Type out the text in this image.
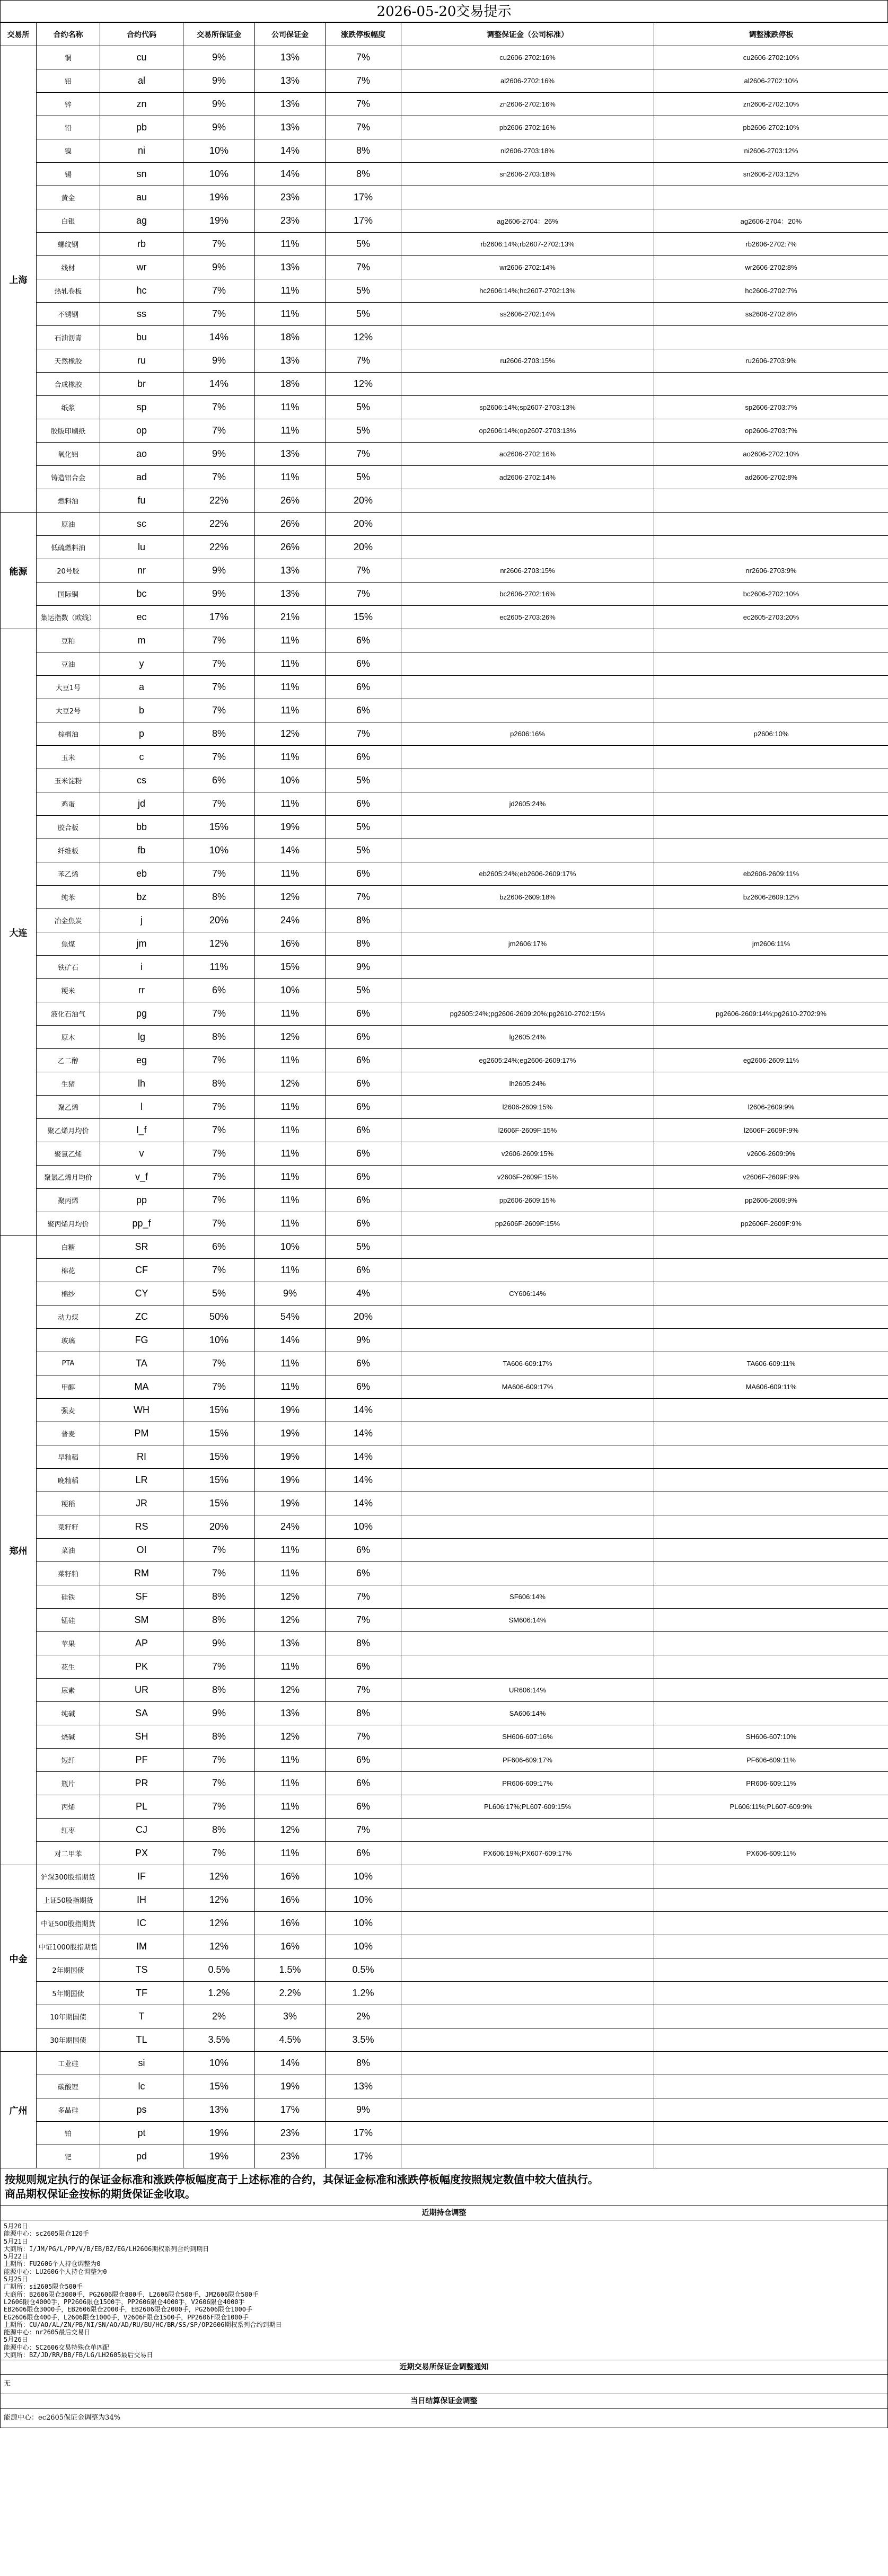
2026-05-20交易提示
交易所	合约名称	合约代码	交易所保证金	公司保证金	涨跌停板幅度	调整保证金（公司标准）	调整涨跌停板
上海	铜	cu	9%	13%	7%	cu2606-2702:16%	cu2606-2702:10%
	铝	al	9%	13%	7%	al2606-2702:16%	al2606-2702:10%
	锌	zn	9%	13%	7%	zn2606-2702:16%	zn2606-2702:10%
	铅	pb	9%	13%	7%	pb2606-2702:16%	pb2606-2702:10%
	镍	ni	10%	14%	8%	ni2606-2703:18%	ni2606-2703:12%
	锡	sn	10%	14%	8%	sn2606-2703:18%	sn2606-2703:12%
	黄金	au	19%	23%	17%		
	白银	ag	19%	23%	17%	ag2606-2704：26%	ag2606-2704：20%
	螺纹钢	rb	7%	11%	5%	rb2606:14%;rb2607-2702:13%	rb2606-2702:7%
	线材	wr	9%	13%	7%	wr2606-2702:14%	wr2606-2702:8%
	热轧卷板	hc	7%	11%	5%	hc2606:14%;hc2607-2702:13%	hc2606-2702:7%
	不锈钢	ss	7%	11%	5%	ss2606-2702:14%	ss2606-2702:8%
	石油沥青	bu	14%	18%	12%		
	天然橡胶	ru	9%	13%	7%	ru2606-2703:15%	ru2606-2703:9%
	合成橡胶	br	14%	18%	12%		
	纸浆	sp	7%	11%	5%	sp2606:14%;sp2607-2703:13%	sp2606-2703:7%
	胶版印刷纸	op	7%	11%	5%	op2606:14%;op2607-2703:13%	op2606-2703:7%
	氧化铝	ao	9%	13%	7%	ao2606-2702:16%	ao2606-2702:10%
	铸造铝合金	ad	7%	11%	5%	ad2606-2702:14%	ad2606-2702:8%
	燃料油	fu	22%	26%	20%		
能源	原油	sc	22%	26%	20%		
	低硫燃料油	lu	22%	26%	20%		
	20号胶	nr	9%	13%	7%	nr2606-2703:15%	nr2606-2703:9%
	国际铜	bc	9%	13%	7%	bc2606-2702:16%	bc2606-2702:10%
	集运指数（欧线）	ec	17%	21%	15%	ec2605-2703:26%	ec2605-2703:20%
大连	豆粕	m	7%	11%	6%		
	豆油	y	7%	11%	6%		
	大豆1号	a	7%	11%	6%		
	大豆2号	b	7%	11%	6%		
	棕榈油	p	8%	12%	7%	p2606:16%	p2606:10%
	玉米	c	7%	11%	6%		
	玉米淀粉	cs	6%	10%	5%		
	鸡蛋	jd	7%	11%	6%	jd2605:24%	
	胶合板	bb	15%	19%	5%		
	纤维板	fb	10%	14%	5%		
	苯乙烯	eb	7%	11%	6%	eb2605:24%;eb2606-2609:17%	eb2606-2609:11%
	纯苯	bz	8%	12%	7%	bz2606-2609:18%	bz2606-2609:12%
	冶金焦炭	j	20%	24%	8%		
	焦煤	jm	12%	16%	8%	jm2606:17%	jm2606:11%
	铁矿石	i	11%	15%	9%		
	粳米	rr	6%	10%	5%		
	液化石油气	pg	7%	11%	6%	pg2605:24%;pg2606-2609:20%;pg2610-2702:15%	pg2606-2609:14%;pg2610-2702:9%
	原木	lg	8%	12%	6%	lg2605:24%	
	乙二醇	eg	7%	11%	6%	eg2605:24%;eg2606-2609:17%	eg2606-2609:11%
	生猪	lh	8%	12%	6%	lh2605:24%	
	聚乙烯	l	7%	11%	6%	l2606-2609:15%	l2606-2609:9%
	聚乙烯月均价	l_f	7%	11%	6%	l2606F-2609F:15%	l2606F-2609F:9%
	聚氯乙烯	v	7%	11%	6%	v2606-2609:15%	v2606-2609:9%
	聚氯乙烯月均价	v_f	7%	11%	6%	v2606F-2609F:15%	v2606F-2609F:9%
	聚丙烯	pp	7%	11%	6%	pp2606-2609:15%	pp2606-2609:9%
	聚丙烯月均价	pp_f	7%	11%	6%	pp2606F-2609F:15%	pp2606F-2609F:9%
郑州	白糖	SR	6%	10%	5%		
	棉花	CF	7%	11%	6%		
	棉纱	CY	5%	9%	4%	CY606:14%	
	动力煤	ZC	50%	54%	20%		
	玻璃	FG	10%	14%	9%		
	PTA	TA	7%	11%	6%	TA606-609:17%	TA606-609:11%
	甲醇	MA	7%	11%	6%	MA606-609:17%	MA606-609:11%
	强麦	WH	15%	19%	14%		
	普麦	PM	15%	19%	14%		
	早籼稻	RI	15%	19%	14%		
	晚籼稻	LR	15%	19%	14%		
	粳稻	JR	15%	19%	14%		
	菜籽籽	RS	20%	24%	10%		
	菜油	OI	7%	11%	6%		
	菜籽粕	RM	7%	11%	6%		
	硅铁	SF	8%	12%	7%	SF606:14%	
	锰硅	SM	8%	12%	7%	SM606:14%	
	苹果	AP	9%	13%	8%		
	花生	PK	7%	11%	6%		
	尿素	UR	8%	12%	7%	UR606:14%	
	纯碱	SA	9%	13%	8%	SA606:14%	
	烧碱	SH	8%	12%	7%	SH606-607:16%	SH606-607:10%
	短纤	PF	7%	11%	6%	PF606-609:17%	PF606-609:11%
	瓶片	PR	7%	11%	6%	PR606-609:17%	PR606-609:11%
	丙烯	PL	7%	11%	6%	PL606:17%;PL607-609:15%	PL606:11%;PL607-609:9%
	红枣	CJ	8%	12%	7%		
	对二甲苯	PX	7%	11%	6%	PX606:19%;PX607-609:17%	PX606-609:11%
中金	沪深300股指期货	IF	12%	16%	10%		
	上证50股指期货	IH	12%	16%	10%		
	中证500股指期货	IC	12%	16%	10%		
	中证1000股指期货	IM	12%	16%	10%		
	2年期国债	TS	0.5%	1.5%	0.5%		
	5年期国债	TF	1.2%	2.2%	1.2%		
	10年期国债	T	2%	3%	2%		
	30年期国债	TL	3.5%	4.5%	3.5%		
广州	工业硅	si	10%	14%	8%		
	碳酸锂	lc	15%	19%	13%		
	多晶硅	ps	13%	17%	9%		
	铂	pt	19%	23%	17%		
	钯	pd	19%	23%	17%		
按规则规定执行的保证金标准和涨跌停板幅度高于上述标准的合约，其保证金标准和涨跌停板幅度按照规定数值中较大值执行。
商品期权保证金按标的期货保证金收取。
近期持仓调整
5月20日
能源中心：sc2605限仓120手
5月21日
大商所：I/JM/PG/L/PP/V/B/EB/BZ/EG/LH2606期权系列合约到期日
5月22日
上期所：FU2606个人持仓调整为0
能源中心：LU2606个人持仓调整为0
5月25日
广期所：si2605限仓500手
大商所：B2606限仓3000手，PG2606限仓800手，L2606限仓500手，JM2606限仓500手
L2606限仓4000手，PP2606限仓1500手，PP2606限仓4000手，V2606限仓4000手
EB2606限仓3000手，EB2606限仓2000手，EB2606限仓2000手，PG2606限仓1000手
EG2606限仓400手，L2606限仓1000手，V2606F限仓1500手，PP2606F限仓1000手
上期所：CU/AO/AL/ZN/PB/NI/SN/AO/AD/RU/BU/HC/BR/SS/SP/OP2606期权系列合约到期日
能源中心：nr2605最后交易日
5月26日
能源中心：SC2606交易特殊仓单匹配
大商所：BZ/JD/RR/BB/FB/LG/LH2605最后交易日
近期交易所保证金调整通知
无
当日结算保证金调整
能源中心：ec2605保证金调整为34%
